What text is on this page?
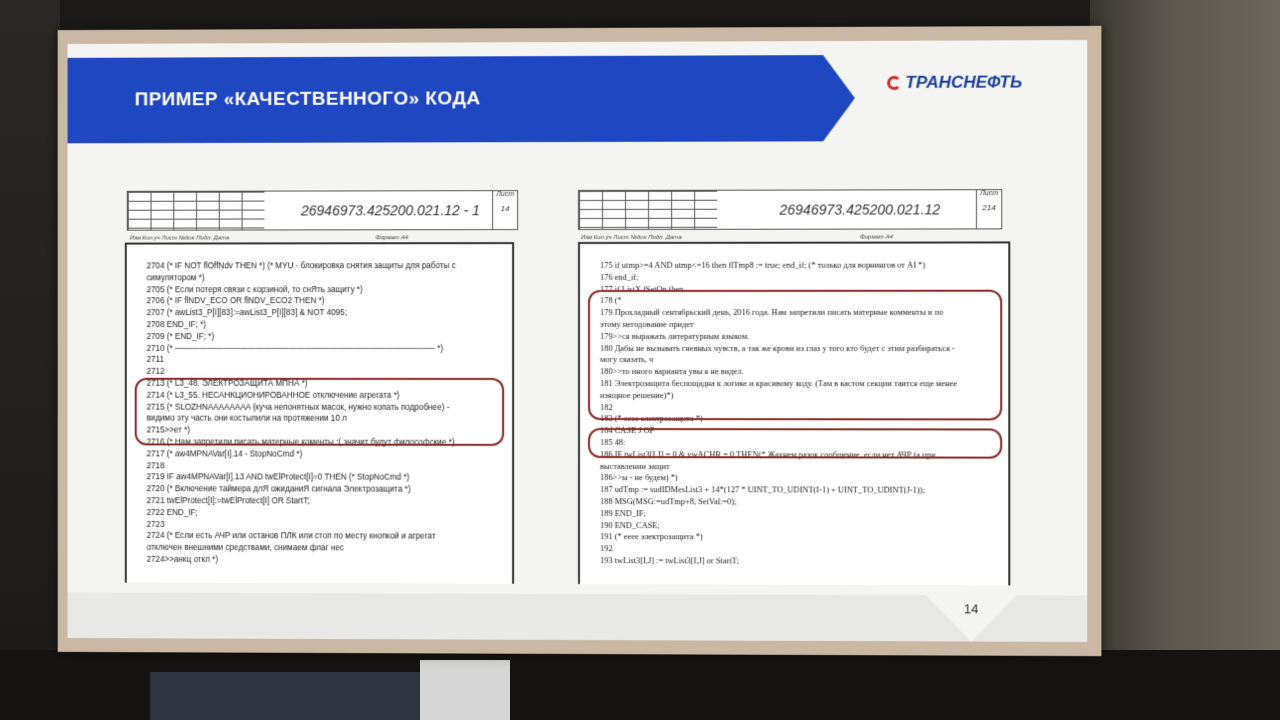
ПРИМЕР «КАЧЕСТВЕННОГО» КОДА
ТРАНСНЕФТЬ
26946973.425200.021.12 - 1
Лист
14
Изм Кол.уч Лист №док Подп. Дата	Формат А4
2704 (* IF NOT flOffNdv THEN *) (* MYU - блокировка снятия защиты для работы с
симулятором *)
2705 (* Если потеря связи с корзиной, то снЯть защиту *)
2706 (* IF flNDV_ECO OR flNDV_ECO2 THEN *)
2707 (* awList3_P[I][83]:=awList3_P[I][83] & NOT 4095;
2708 END_IF; *)
2709 (* END_IF; *)
2710 (* ———————————————————————————————— *)
2711
2712
2713 (* L3_48. ЭЛЕКТРОЗАЩИТА МПНА *)
2714 (* L3_55. НЕСАНКЦИОНИРОВАННОЕ отключение агрегата *)
2715 (* SLOZHNAAAAAAAA (куча непонятных масок, нужно копать подробнее) -
видимо эту часть они костылили на протяжении 10 л
2715>>ет *)
2716 (* Нам запретили писать матерные коменты :( значит будут философские *)
2717 (* aw4MPNAVar[I].14 - StopNoCmd *)
2718
2719 IF aw4MPNAVar[I].13 AND twElProtect[I]=0 THEN (* StopNoCmd *)
2720 (* Включение таймера длЯ ожиданиЯ сигнала Электрозащита *)
2721 twElProtect[I]:=twElProtect[I] OR StartT;
2722 END_IF;
2723
2724 (* Если есть АЧР или останов ПЛК или стоп по месту кнопкой и агрегат
отключен внешними средствами, снимаем флаг нес
2724>>анкц откл *)
26946973.425200.021.12
Лист
214
Изм Кол.уч Лист №док Подп. Дата	Формат А4
175 if utmp>=4 AND utmp<=16 then flTmp8 := true; end_if; (* только для ворнингов от AI *)
176 end_if;
177 if ListX.fSetOn then
178 (*
179 Прохладный сентябрьский день, 2016 года. Нам запретили писать матерные комменты и по
этому негодование придет
179>>ся выражать литературным языком.
180 Дабы не вызывать гневных чувств, а так же крови из глаз у того кто будет с этим разбираться -
могу сказать, ч
180>>то иного варианта увы я не видел.
181 Электрозащита беспощадна к логике и красивому коду. (Там в кастом секции таится еще менее
изящное решение)*)
182
183 (* ееее электрозащита *)
184 CASE J OF
185 48:
186 IF twList3[I,J] = 0 & vwACHR = 0 THEN(* Жахнем разок сообщение, если нет АЧР (а при
выставлении защит
186>>ы - не будем) *)
187 udTmp := sudIDMesList3 + 14*(127 * UINT_TO_UDINT(I-1) + UINT_TO_UDINT(J-1));
188 MSG(MSG:=udTmp+8, SetVal:=0);
189 END_IF;
190 END_CASE;
191 (* ееее электрозащита *)
192
193 twList3[I,J] := twList3[I,J] or StartT;
14
